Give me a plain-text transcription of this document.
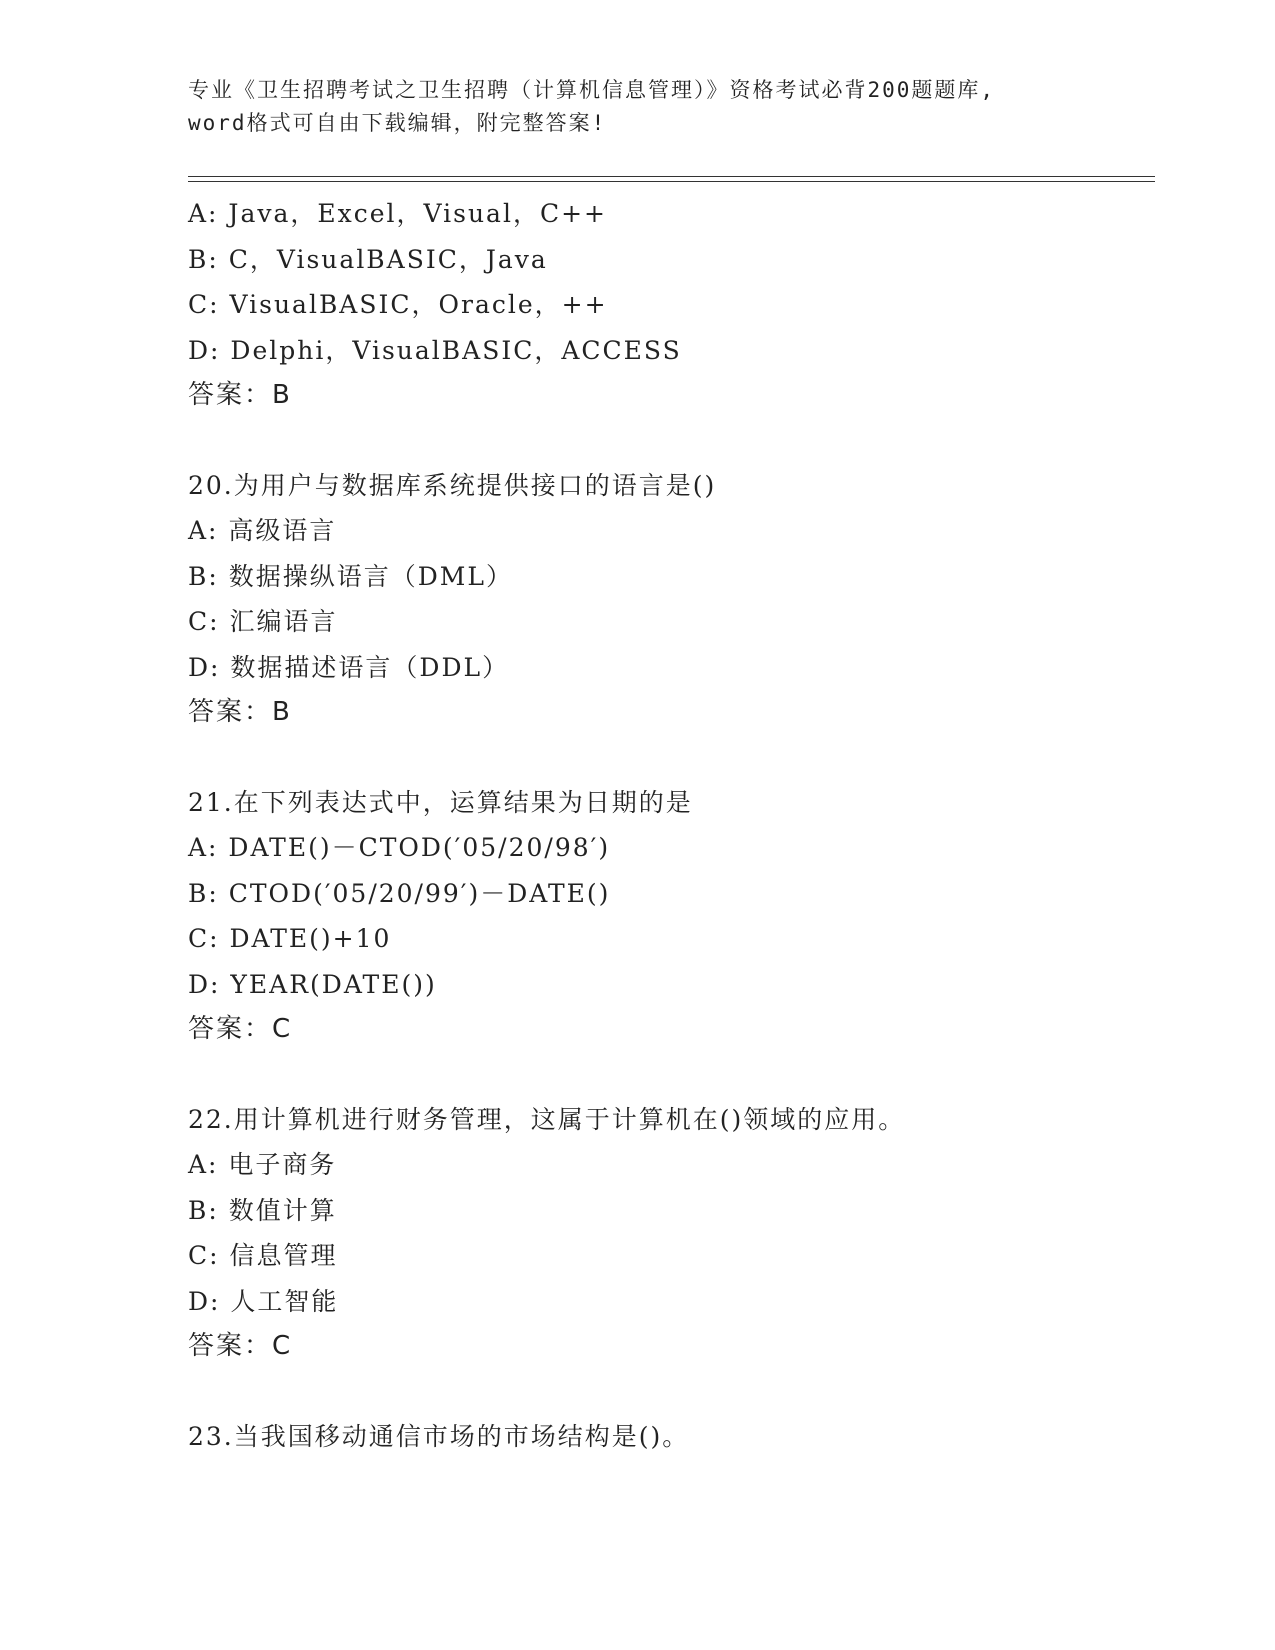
专业《卫生招聘考试之卫生招聘（计算机信息管理）》资格考试必背200题题库,
word格式可自由下载编辑，附完整答案!
A: Java，Excel，Visual，C++
B: C，VisualBASIC，Java
C: VisualBASIC，Oracle，++
D: Delphi，VisualBASIC，ACCESS
答案：B
20.为用户与数据库系统提供接口的语言是()
A: 高级语言
B: 数据操纵语言（DML）
C: 汇编语言
D: 数据描述语言（DDL）
答案：B
21.在下列表达式中，运算结果为日期的是
A: DATE()－CTOD(′05/20/98′)
B: CTOD(′05/20/99′)－DATE()
C: DATE()+10
D: YEAR(DATE())
答案：C
22.用计算机进行财务管理，这属于计算机在()领域的应用。
A: 电子商务
B: 数值计算
C: 信息管理
D: 人工智能
答案：C
23.当我国移动通信市场的市场结构是()。
